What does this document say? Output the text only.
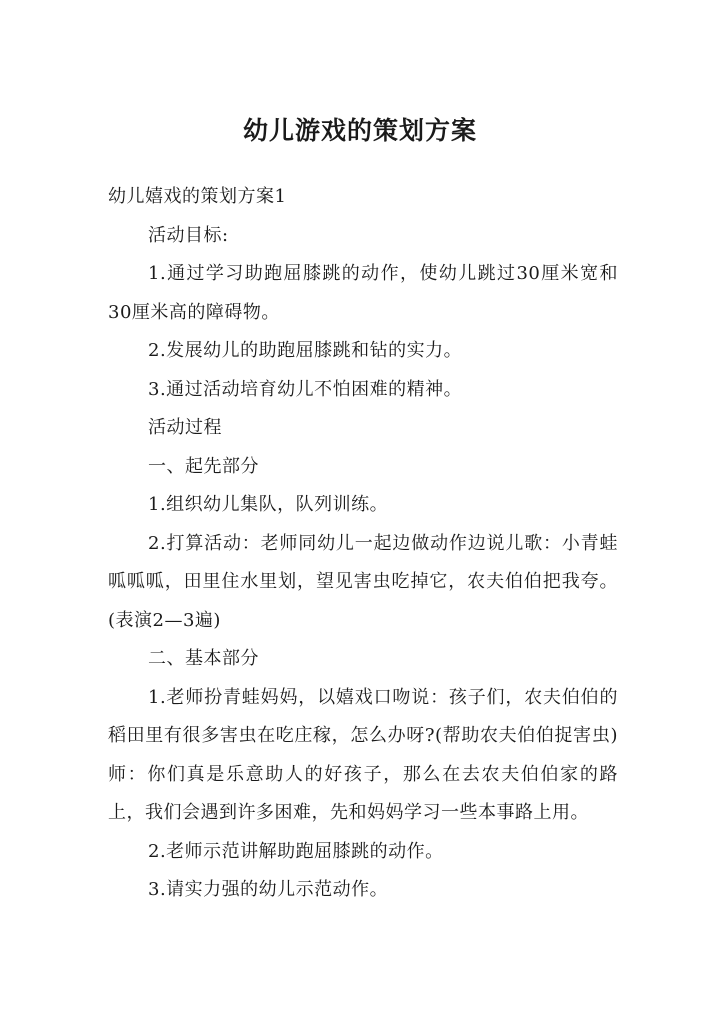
幼儿游戏的策划方案

幼儿嬉戏的策划方案1

活动目标:

1.通过学习助跑屈膝跳的动作，使幼儿跳过30厘米宽和30厘米高的障碍物。

2.发展幼儿的助跑屈膝跳和钻的实力。

3.通过活动培育幼儿不怕困难的精神。

活动过程

一、起先部分

1.组织幼儿集队，队列训练。

2.打算活动：老师同幼儿一起边做动作边说儿歌：小青蛙呱呱呱，田里住水里划，望见害虫吃掉它，农夫伯伯把我夸。(表演2—3遍)

二、基本部分

1.老师扮青蛙妈妈，以嬉戏口吻说：孩子们，农夫伯伯的稻田里有很多害虫在吃庄稼，怎么办呀?(帮助农夫伯伯捉害虫)师：你们真是乐意助人的好孩子，那么在去农夫伯伯家的路上，我们会遇到许多困难，先和妈妈学习一些本事路上用。

2.老师示范讲解助跑屈膝跳的动作。

3.请实力强的幼儿示范动作。
